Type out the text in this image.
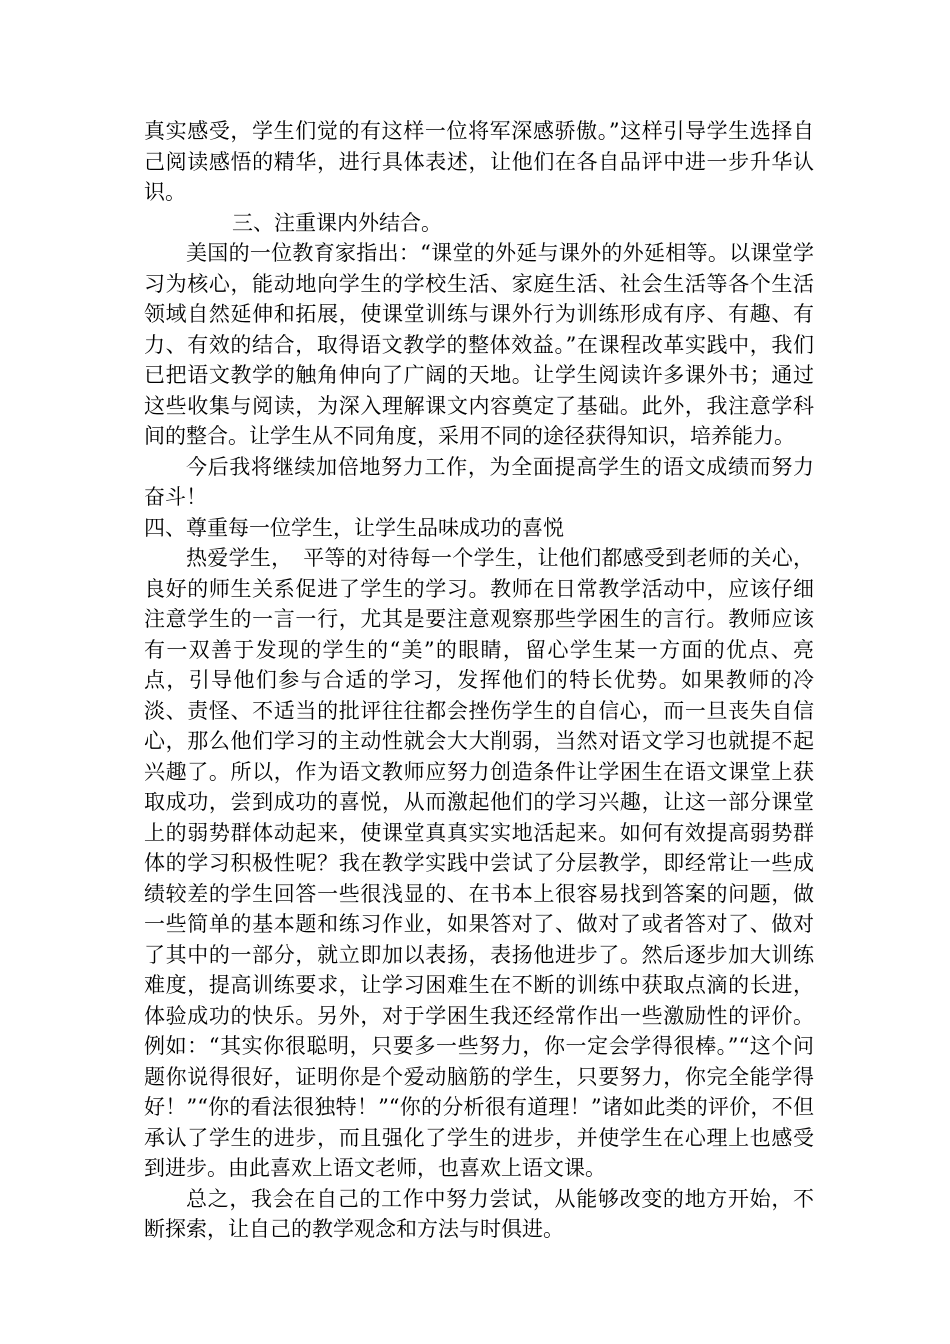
真实感受，学生们觉的有这样一位将军深感骄傲。”这样引导学生选择自己阅读感悟的精华，进行具体表述，让他们在各自品评中进一步升华认识。

三、注重课内外结合。

美国的一位教育家指出：“课堂的外延与课外的外延相等。以课堂学习为核心，能动地向学生的学校生活、家庭生活、社会生活等各个生活领域自然延伸和拓展，使课堂训练与课外行为训练形成有序、有趣、有力、有效的结合，取得语文教学的整体效益。”在课程改革实践中，我们已把语文教学的触角伸向了广阔的天地。让学生阅读许多课外书；通过这些收集与阅读，为深入理解课文内容奠定了基础。此外，我注意学科间的整合。让学生从不同角度，采用不同的途径获得知识，培养能力。

今后我将继续加倍地努力工作，为全面提高学生的语文成绩而努力奋斗！

四、尊重每一位学生，让学生品味成功的喜悦

热爱学生，　平等的对待每一个学生，让他们都感受到老师的关心，良好的师生关系促进了学生的学习。教师在日常教学活动中，应该仔细注意学生的一言一行，尤其是要注意观察那些学困生的言行。教师应该有一双善于发现的学生的“美”的眼睛，留心学生某一方面的优点、亮点，引导他们参与合适的学习，发挥他们的特长优势。如果教师的冷淡、责怪、不适当的批评往往都会挫伤学生的自信心，而一旦丧失自信心，那么他们学习的主动性就会大大削弱，当然对语文学习也就提不起兴趣了。所以，作为语文教师应努力创造条件让学困生在语文课堂上获取成功，尝到成功的喜悦，从而激起他们的学习兴趣，让这一部分课堂上的弱势群体动起来，使课堂真真实实地活起来。如何有效提高弱势群体的学习积极性呢？我在教学实践中尝试了分层教学，即经常让一些成绩较差的学生回答一些很浅显的、在书本上很容易找到答案的问题，做一些简单的基本题和练习作业，如果答对了、做对了或者答对了、做对了其中的一部分，就立即加以表扬，表扬他进步了。然后逐步加大训练难度，提高训练要求，让学习困难生在不断的训练中获取点滴的长进，体验成功的快乐。另外，对于学困生我还经常作出一些激励性的评价。例如：“其实你很聪明，只要多一些努力，你一定会学得很棒。”“这个问题你说得很好，证明你是个爱动脑筋的学生，只要努力，你完全能学得好！”“你的看法很独特！”“你的分析很有道理！”诸如此类的评价，不但承认了学生的进步，而且强化了学生的进步，并使学生在心理上也感受到进步。由此喜欢上语文老师，也喜欢上语文课。

总之，我会在自己的工作中努力尝试，从能够改变的地方开始，不断探索，让自己的教学观念和方法与时俱进。
